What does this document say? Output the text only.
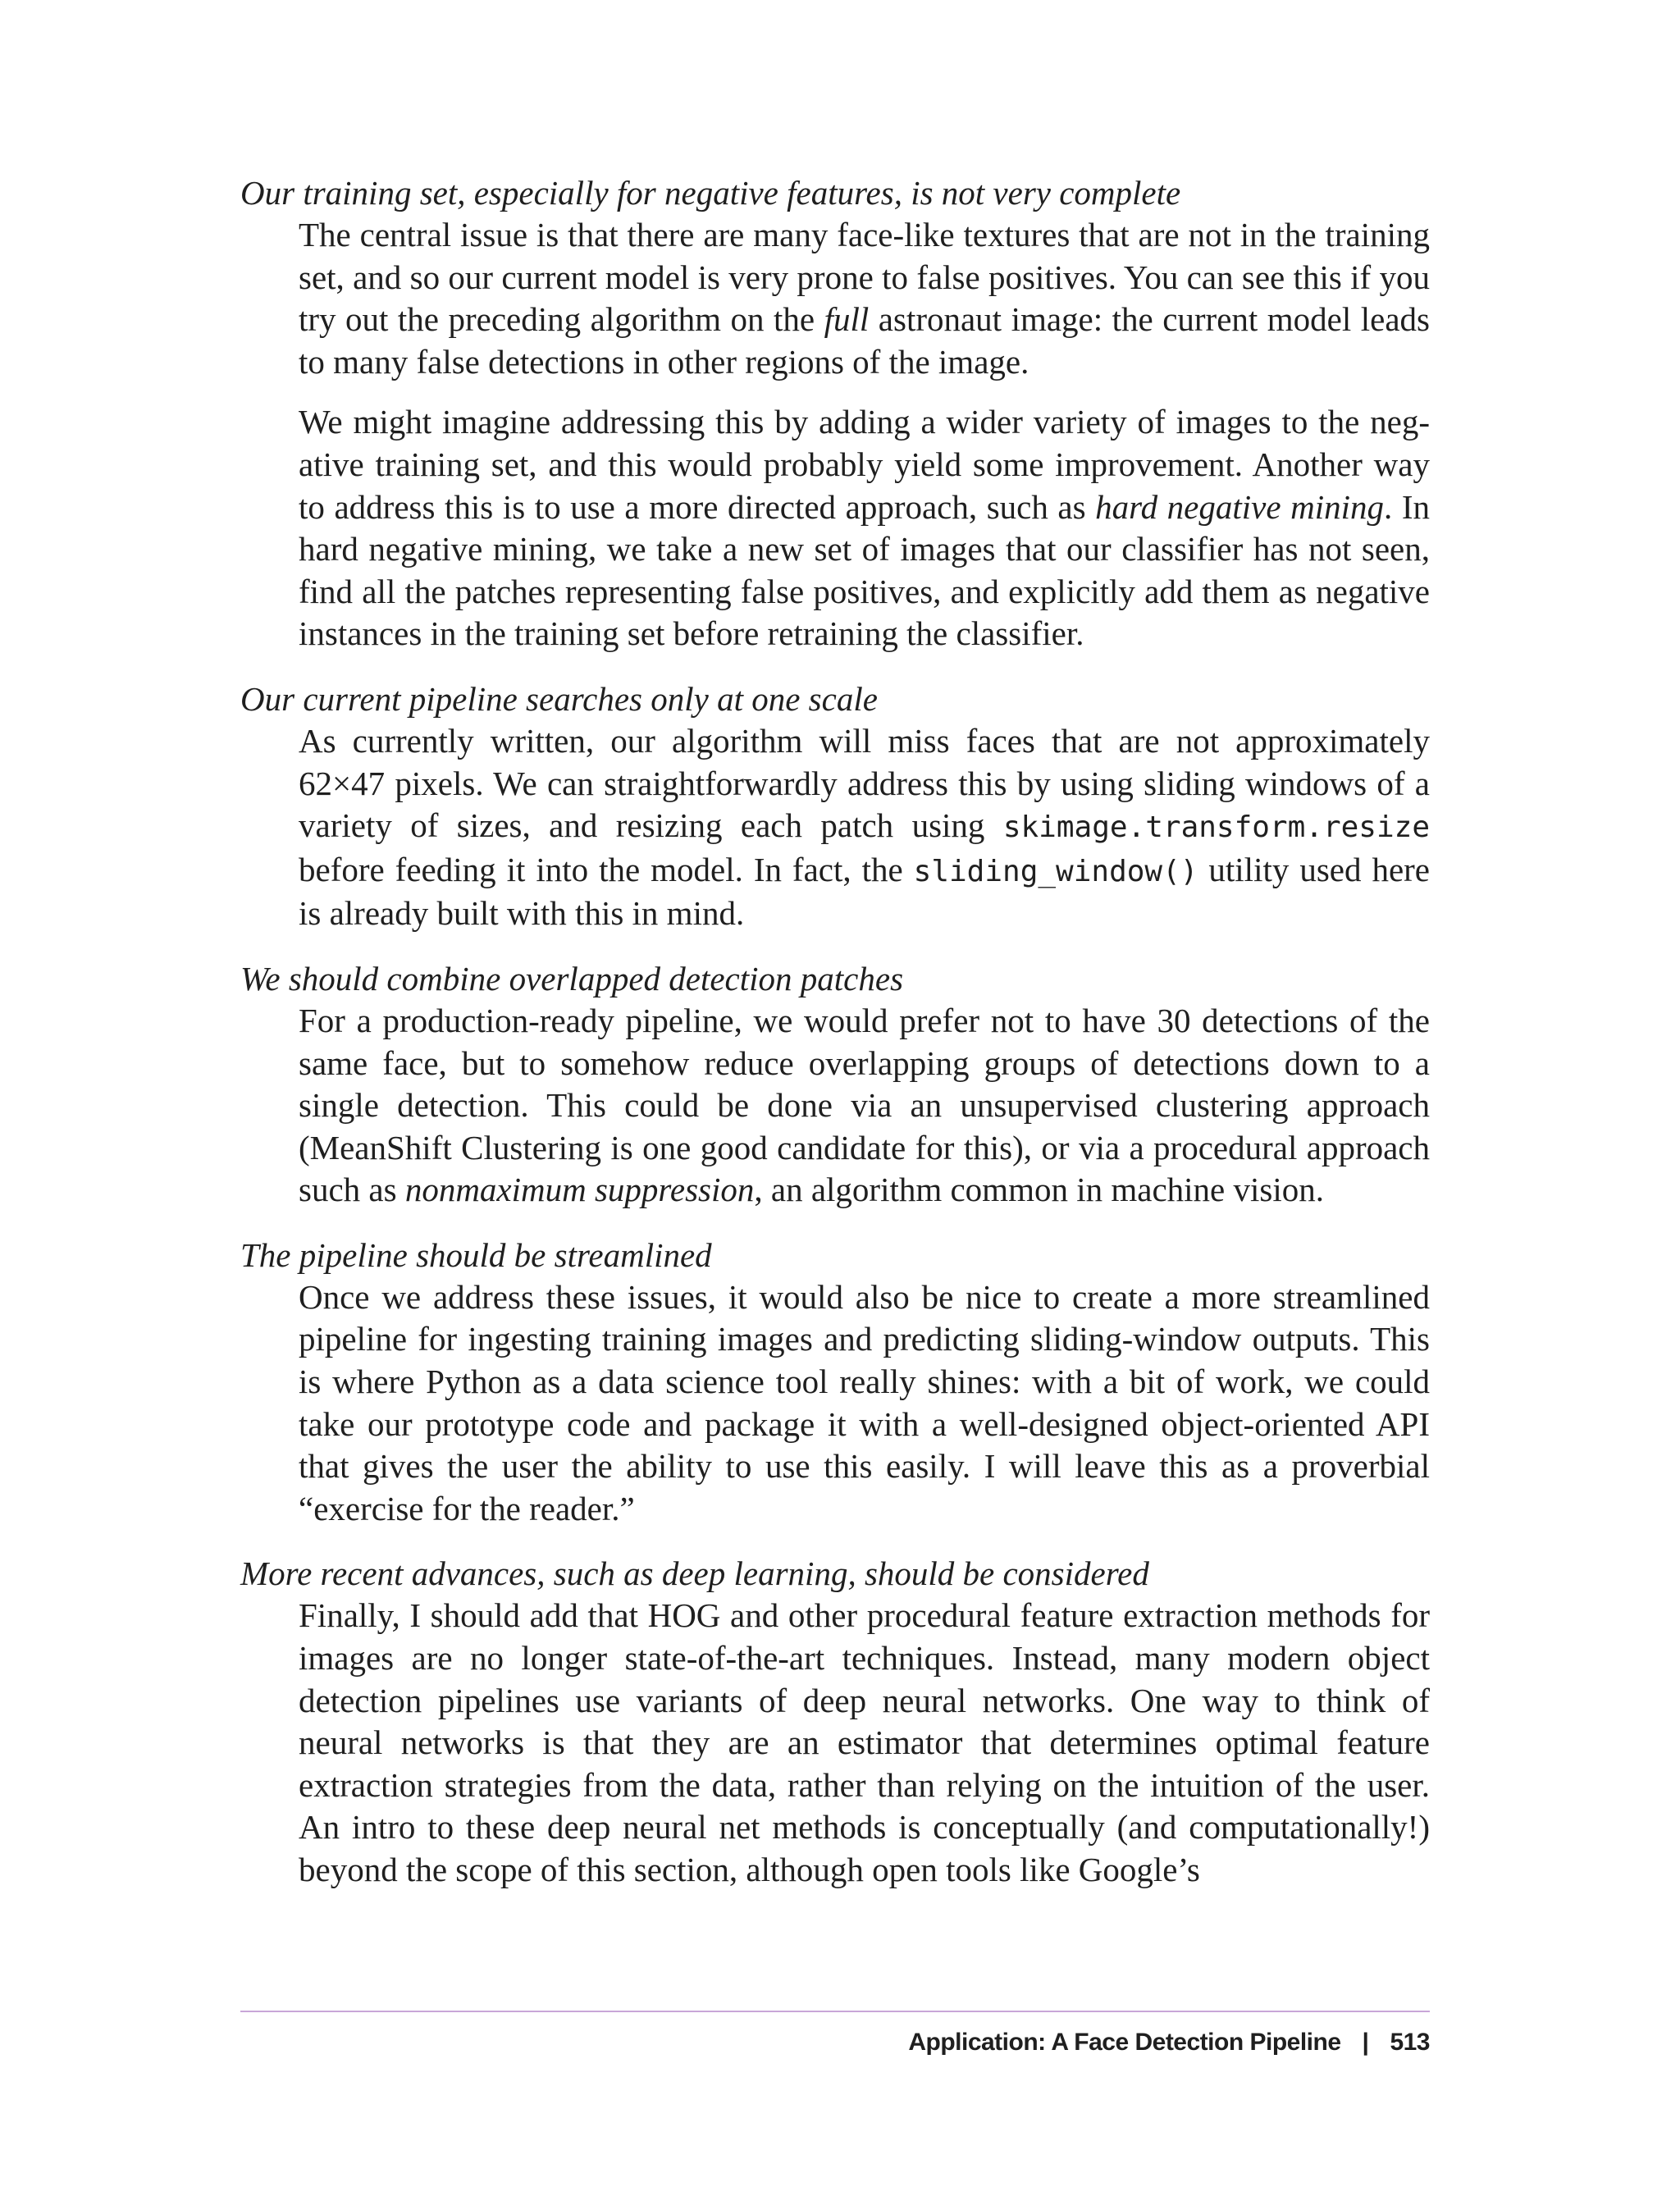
Our training set, especially for negative features, is not very complete

The central issue is that there are many face-like textures that are not in the training set, and so our current model is very prone to false positives. You can see this if you try out the preceding algorithm on the full astronaut image: the current model leads to many false detections in other regions of the image.

We might imagine addressing this by adding a wider variety of images to the negative training set, and this would probably yield some improvement. Another way to address this is to use a more directed approach, such as hard negative mining. In hard negative mining, we take a new set of images that our classifier has not seen, find all the patches representing false positives, and explicitly add them as negative instances in the training set before retraining the classifier.

Our current pipeline searches only at one scale

As currently written, our algorithm will miss faces that are not approximately 62×47 pixels. We can straightforwardly address this by using sliding windows of a variety of sizes, and resizing each patch using skimage.transform.resize before feeding it into the model. In fact, the sliding_window() utility used here is already built with this in mind.

We should combine overlapped detection patches

For a production-ready pipeline, we would prefer not to have 30 detections of the same face, but to somehow reduce overlapping groups of detections down to a single detection. This could be done via an unsupervised clustering approach (MeanShift Clustering is one good candidate for this), or via a procedural approach such as nonmaximum suppression, an algorithm common in machine vision.

The pipeline should be streamlined

Once we address these issues, it would also be nice to create a more streamlined pipeline for ingesting training images and predicting sliding-window outputs. This is where Python as a data science tool really shines: with a bit of work, we could take our prototype code and package it with a well-designed object-oriented API that gives the user the ability to use this easily. I will leave this as a proverbial “exercise for the reader.”

More recent advances, such as deep learning, should be considered

Finally, I should add that HOG and other procedural feature extraction methods for images are no longer state-of-the-art techniques. Instead, many modern object detection pipelines use variants of deep neural networks. One way to think of neural networks is that they are an estimator that determines optimal feature extraction strategies from the data, rather than relying on the intuition of the user. An intro to these deep neural net methods is conceptually (and computationally!) beyond the scope of this section, although open tools like Google’s

Application: A Face Detection Pipeline | 513
